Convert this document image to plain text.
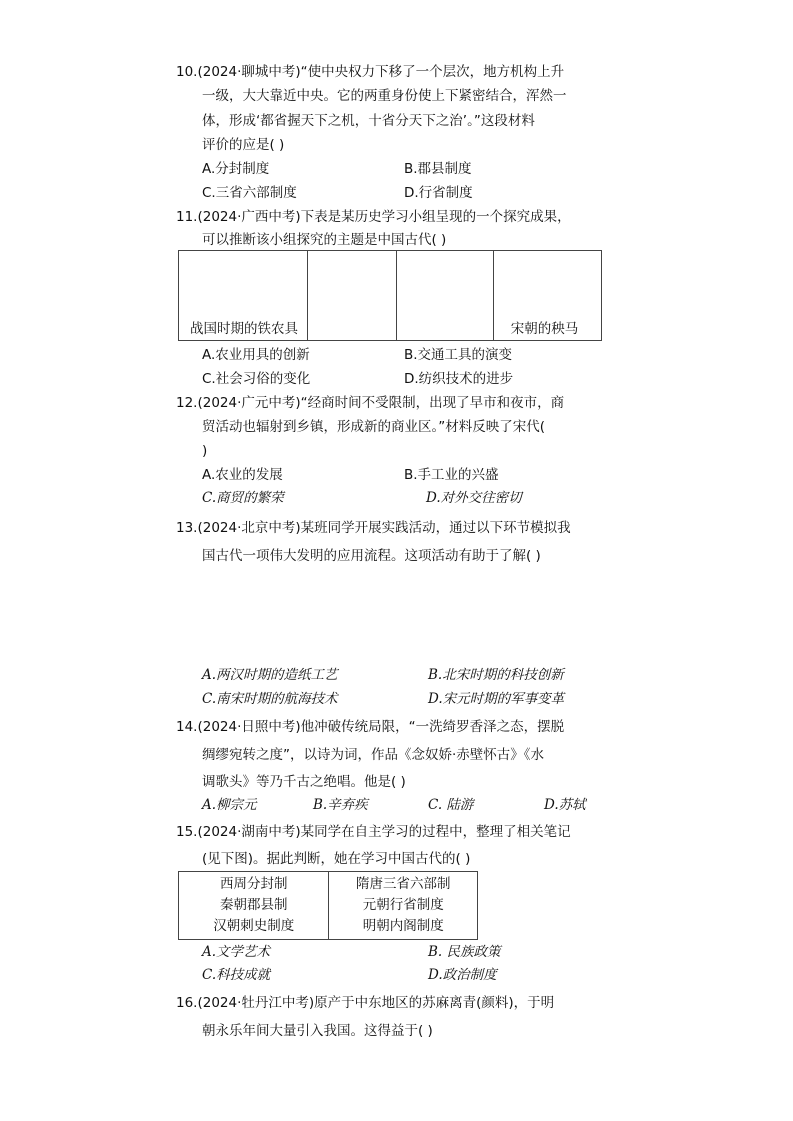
10.(2024·聊城中考)“使中央权力下移了一个层次，地方机构上升
一级，大大靠近中央。它的两重身份使上下紧密结合，浑然一
体，形成‘都省握天下之机，十省分天下之治’。”这段材料
评价的应是( )
A.分封制度	B.郡县制度
C.三省六部制度	D.行省制度
11.(2024·广西中考)下表是某历史学习小组呈现的一个探究成果，
可以推断该小组探究的主题是中国古代( )
战国时期的铁农具			宋朝的秧马
A.农业用具的创新	B.交通工具的演变
C.社会习俗的变化	D.纺织技术的进步
12.(2024·广元中考)“经商时间不受限制，出现了早市和夜市，商
贸活动也辐射到乡镇，形成新的商业区。”材料反映了宋代(
)
A.农业的发展	B.手工业的兴盛
C.商贸的繁荣	D.对外交往密切
13.(2024·北京中考)某班同学开展实践活动，通过以下环节模拟我
国古代一项伟大发明的应用流程。这项活动有助于了解( )
A.两汉时期的造纸工艺	B.北宋时期的科技创新
C.南宋时期的航海技术	D.宋元时期的军事变革
14.(2024·日照中考)他冲破传统局限，“一洗绮罗香泽之态，摆脱
绸缪宛转之度”，以诗为词，作品《念奴娇·赤壁怀古》《水
调歌头》等乃千古之绝唱。他是( )
A.柳宗元	B.辛弃疾	C. 陆游	D.苏轼
15.(2024·湖南中考)某同学在自主学习的过程中，整理了相关笔记
(见下图)。据此判断，她在学习中国古代的( )
西周分封制
秦朝郡县制
汉朝刺史制度

隋唐三省六部制
元朝行省制度
明朝内阁制度
A.文学艺术	B. 民族政策
C.科技成就	D.政治制度
16.(2024·牡丹江中考)原产于中东地区的苏麻离青(颜料)，于明
朝永乐年间大量引入我国。这得益于( )
